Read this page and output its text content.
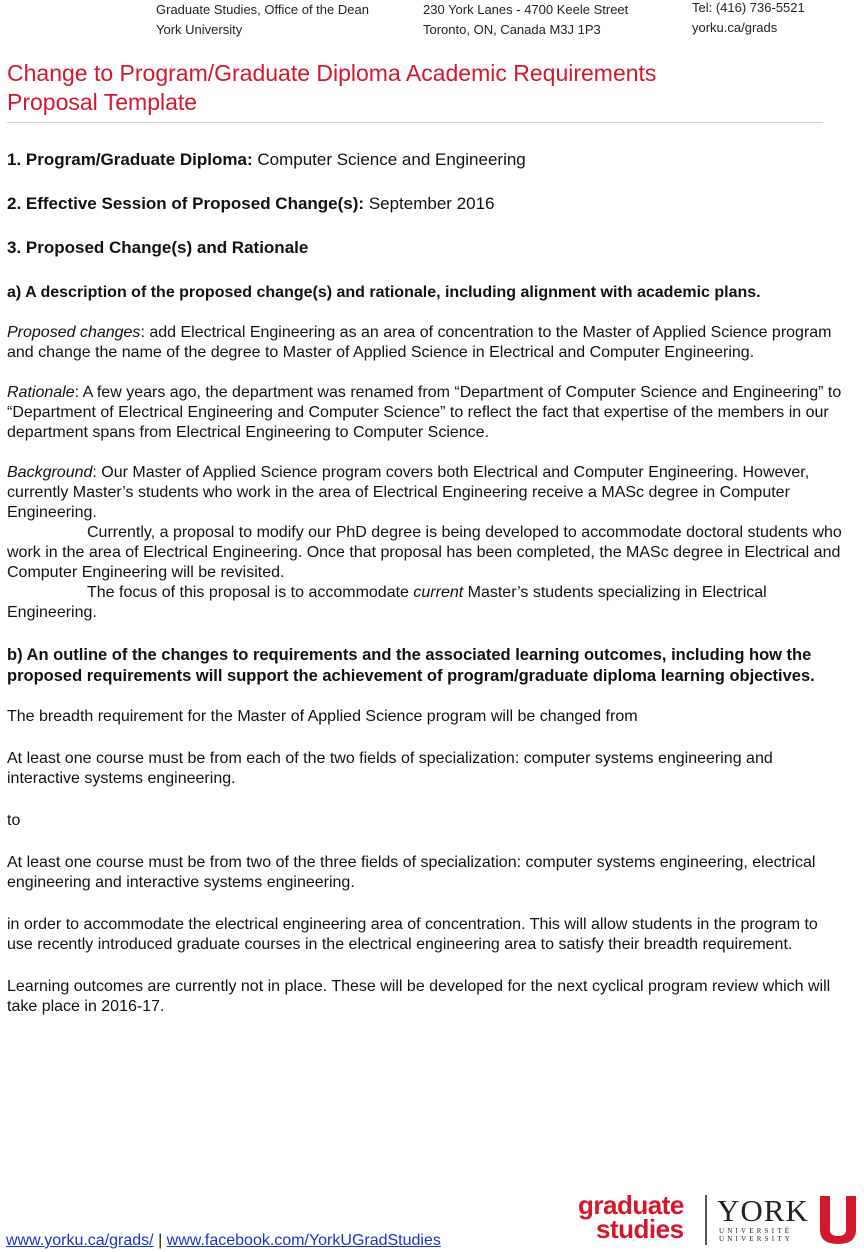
Graduate Studies, Office of the Dean
York University
230 York Lanes - 4700 Keele Street
Toronto, ON, Canada M3J 1P3
Tel: (416) 736-5521
yorku.ca/grads
Change to Program/Graduate Diploma Academic Requirements
Proposal Template

1. Program/Graduate Diploma: Computer Science and Engineering

2. Effective Session of Proposed Change(s): September 2016

3. Proposed Change(s) and Rationale

a) A description of the proposed change(s) and rationale, including alignment with academic plans.

Proposed changes: add Electrical Engineering as an area of concentration to the Master of Applied Science program and change the name of the degree to Master of Applied Science in Electrical and Computer Engineering.

Rationale: A few years ago, the department was renamed from “Department of Computer Science and Engineering” to “Department of Electrical Engineering and Computer Science” to reflect the fact that expertise of the members in our department spans from Electrical Engineering to Computer Science.

Background: Our Master of Applied Science program covers both Electrical and Computer Engineering. However, currently Master’s students who work in the area of Electrical Engineering receive a MASc degree in Computer Engineering.

Currently, a proposal to modify our PhD degree is being developed to accommodate doctoral students who work in the area of Electrical Engineering. Once that proposal has been completed, the MASc degree in Electrical and Computer Engineering will be revisited.

The focus of this proposal is to accommodate current Master’s students specializing in Electrical Engineering.

b) An outline of the changes to requirements and the associated learning outcomes, including how the proposed requirements will support the achievement of program/graduate diploma learning objectives.

The breadth requirement for the Master of Applied Science program will be changed from

At least one course must be from each of the two fields of specialization: computer systems engineering and interactive systems engineering.

to

At least one course must be from two of the three fields of specialization: computer systems engineering, electrical engineering and interactive systems engineering.

in order to accommodate the electrical engineering area of concentration. This will allow students in the program to use recently introduced graduate courses in the electrical engineering area to satisfy their breadth requirement.

Learning outcomes are currently not in place. These will be developed for the next cyclical program review which will take place in 2016-17.

www.yorku.ca/grads/ | www.facebook.com/YorkUGradStudies
graduate
studies
YORK
UNIVERSITÉ
UNIVERSITY
